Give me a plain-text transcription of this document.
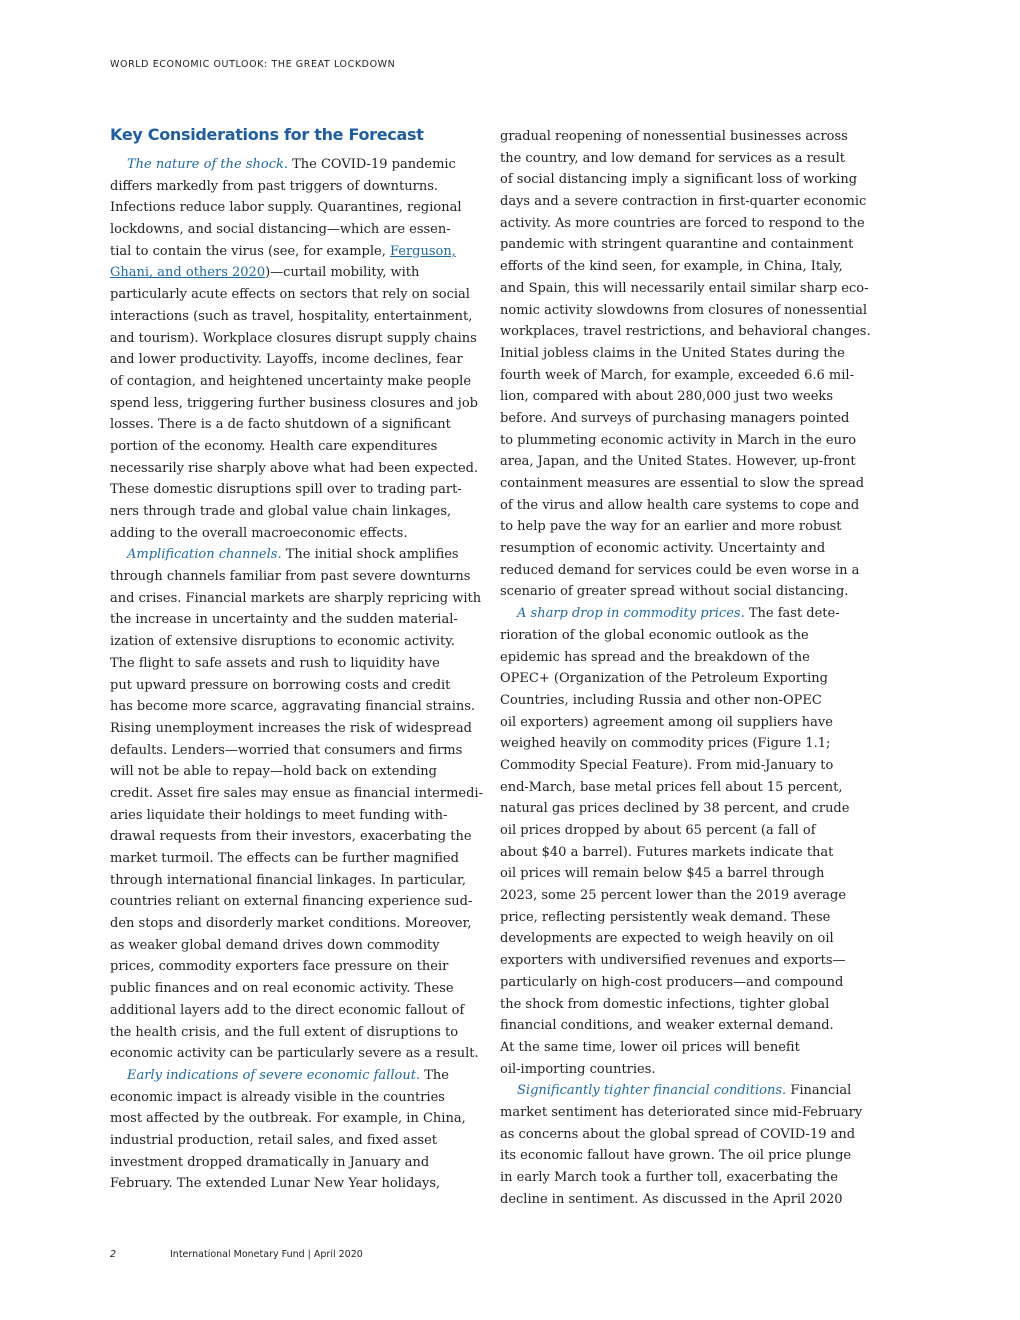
WORLD ECONOMIC OUTLOOK: THE GREAT LOCKDOWN
Key Considerations for the Forecast

The nature of the shock. The COVID-19 pandemic
differs markedly from past triggers of downturns.
Infections reduce labor supply. Quarantines, regional
lockdowns, and social distancing—which are essen-
tial to contain the virus (see, for example, Ferguson,
Ghani, and others 2020)—curtail mobility, with
particularly acute effects on sectors that rely on social
interactions (such as travel, hospitality, entertainment,
and tourism). Workplace closures disrupt supply chains
and lower productivity. Layoffs, income declines, fear
of contagion, and heightened uncertainty make people
spend less, triggering further business closures and job
losses. There is a de facto shutdown of a significant
portion of the economy. Health care expenditures
necessarily rise sharply above what had been expected.
These domestic disruptions spill over to trading part-
ners through trade and global value chain linkages,
adding to the overall macroeconomic effects.

Amplification channels. The initial shock amplifies
through channels familiar from past severe downturns
and crises. Financial markets are sharply repricing with
the increase in uncertainty and the sudden material-
ization of extensive disruptions to economic activity.
The flight to safe assets and rush to liquidity have
put upward pressure on borrowing costs and credit
has become more scarce, aggravating financial strains.
Rising unemployment increases the risk of widespread
defaults. Lenders—worried that consumers and firms
will not be able to repay—hold back on extending
credit. Asset fire sales may ensue as financial intermedi-
aries liquidate their holdings to meet funding with-
drawal requests from their investors, exacerbating the
market turmoil. The effects can be further magnified
through international financial linkages. In particular,
countries reliant on external financing experience sud-
den stops and disorderly market conditions. Moreover,
as weaker global demand drives down commodity
prices, commodity exporters face pressure on their
public finances and on real economic activity. These
additional layers add to the direct economic fallout of
the health crisis, and the full extent of disruptions to
economic activity can be particularly severe as a result.

Early indications of severe economic fallout. The
economic impact is already visible in the countries
most affected by the outbreak. For example, in China,
industrial production, retail sales, and fixed asset
investment dropped dramatically in January and
February. The extended Lunar New Year holidays,

gradual reopening of nonessential businesses across
the country, and low demand for services as a result
of social distancing imply a significant loss of working
days and a severe contraction in first-quarter economic
activity. As more countries are forced to respond to the
pandemic with stringent quarantine and containment
efforts of the kind seen, for example, in China, Italy,
and Spain, this will necessarily entail similar sharp eco-
nomic activity slowdowns from closures of nonessential
workplaces, travel restrictions, and behavioral changes.
Initial jobless claims in the United States during the
fourth week of March, for example, exceeded 6.6 mil-
lion, compared with about 280,000 just two weeks
before. And surveys of purchasing managers pointed
to plummeting economic activity in March in the euro
area, Japan, and the United States. However, up-front
containment measures are essential to slow the spread
of the virus and allow health care systems to cope and
to help pave the way for an earlier and more robust
resumption of economic activity. Uncertainty and
reduced demand for services could be even worse in a
scenario of greater spread without social distancing.

A sharp drop in commodity prices. The fast dete-
rioration of the global economic outlook as the
epidemic has spread and the breakdown of the
OPEC+ (Organization of the Petroleum Exporting
Countries, including Russia and other non-OPEC
oil exporters) agreement among oil suppliers have
weighed heavily on commodity prices (Figure 1.1;
Commodity Special Feature). From mid-January to
end-March, base metal prices fell about 15 percent,
natural gas prices declined by 38 percent, and crude
oil prices dropped by about 65 percent (a fall of
about $40 a barrel). Futures markets indicate that
oil prices will remain below $45 a barrel through
2023, some 25 percent lower than the 2019 average
price, reflecting persistently weak demand. These
developments are expected to weigh heavily on oil
exporters with undiversified revenues and exports—
particularly on high-cost producers—and compound
the shock from domestic infections, tighter global
financial conditions, and weaker external demand.
At the same time, lower oil prices will benefit
oil-importing countries.

Significantly tighter financial conditions. Financial
market sentiment has deteriorated since mid-February
as concerns about the global spread of COVID-19 and
its economic fallout have grown. The oil price plunge
in early March took a further toll, exacerbating the
decline in sentiment. As discussed in the April 2020

2	International Monetary Fund | April 2020
